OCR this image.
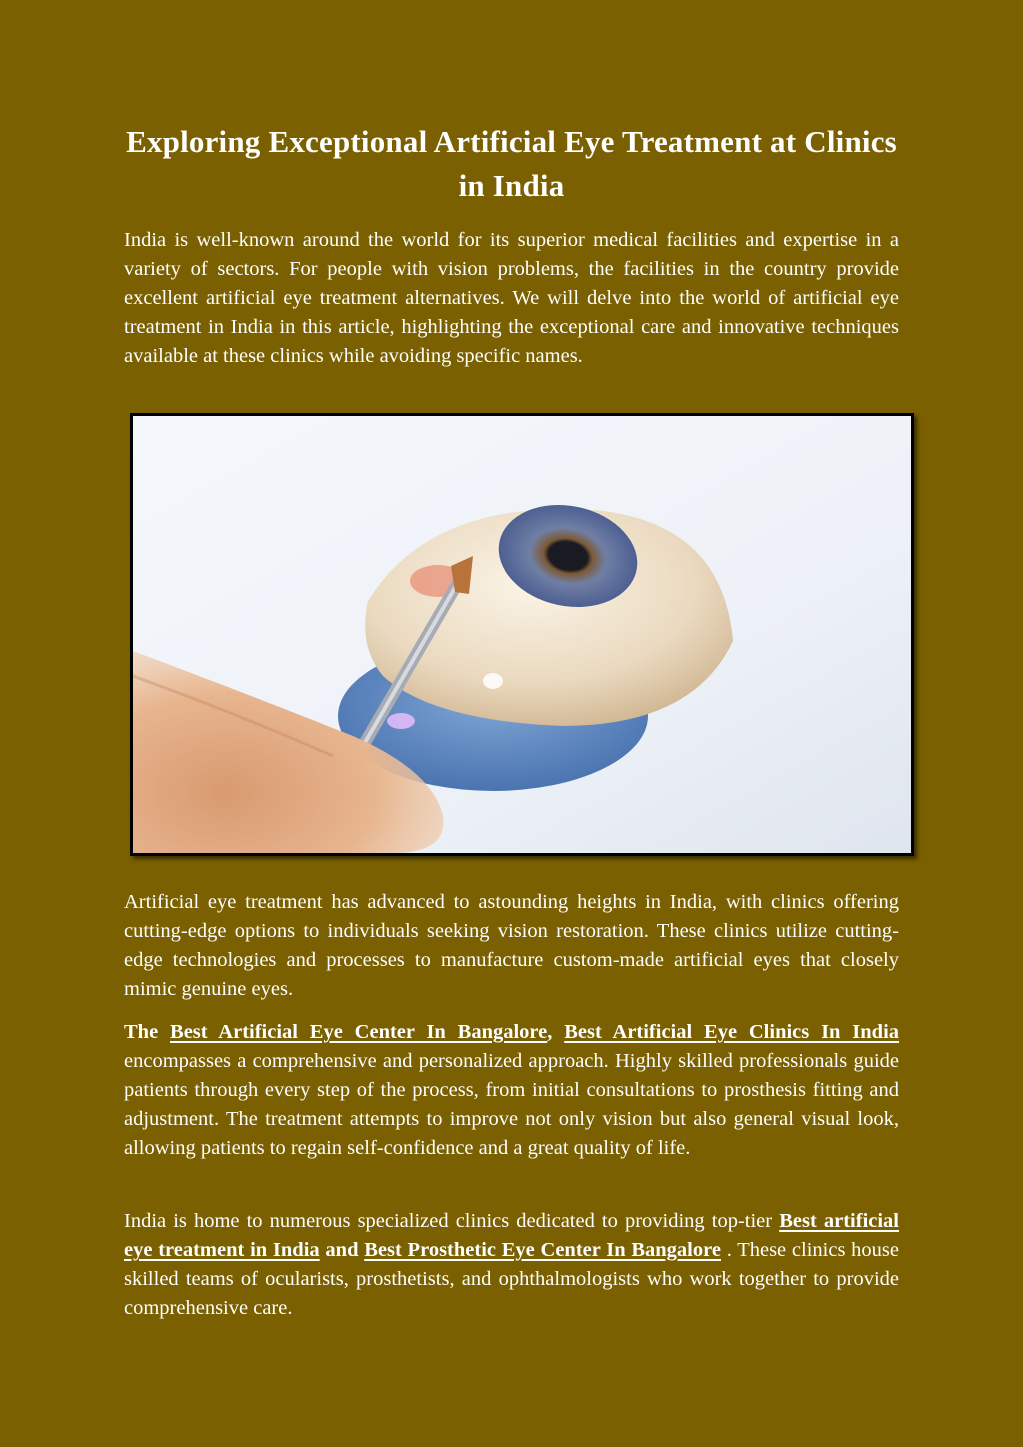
Exploring Exceptional Artificial Eye Treatment at Clinics in India

India is well-known around the world for its superior medical facilities and expertise in a variety of sectors. For people with vision problems, the facilities in the country provide excellent artificial eye treatment alternatives. We will delve into the world of artificial eye treatment in India in this article, highlighting the exceptional care and innovative techniques available at these clinics while avoiding specific names.

Artificial eye treatment has advanced to astounding heights in India, with clinics offering cutting-edge options to individuals seeking vision restoration. These clinics utilize cutting-edge technologies and processes to manufacture custom-made artificial eyes that closely mimic genuine eyes.

The Best Artificial Eye Center In Bangalore, Best Artificial Eye Clinics In India encompasses a comprehensive and personalized approach. Highly skilled professionals guide patients through every step of the process, from initial consultations to prosthesis fitting and adjustment. The treatment attempts to improve not only vision but also general visual look, allowing patients to regain self-confidence and a great quality of life.

India is home to numerous specialized clinics dedicated to providing top-tier Best artificial eye treatment in India and Best Prosthetic Eye Center In Bangalore . These clinics house skilled teams of ocularists, prosthetists, and ophthalmologists who work together to provide comprehensive care.
